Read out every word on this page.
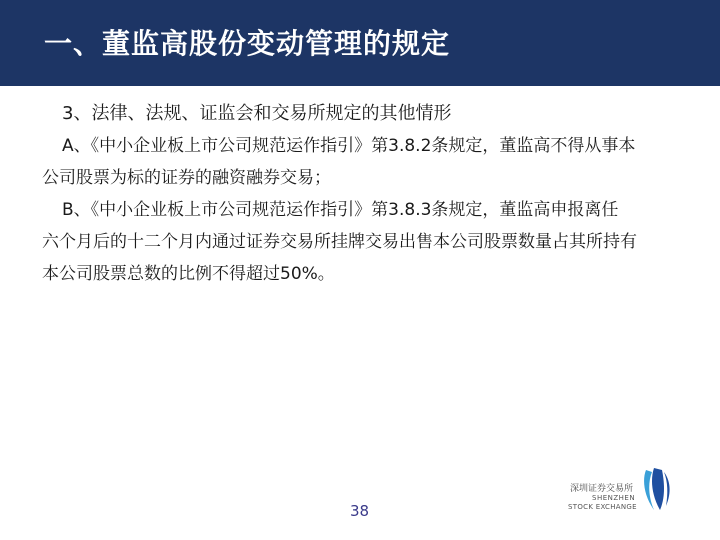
一、董监高股份变动管理的规定
3、法律、法规、证监会和交易所规定的其他情形
A、《中小企业板上市公司规范运作指引》第3.8.2条规定，董监高不得从事本
公司股票为标的证券的融资融券交易；
B、《中小企业板上市公司规范运作指引》第3.8.3条规定，董监高申报离任
六个月后的十二个月内通过证券交易所挂牌交易出售本公司股票数量占其所持有
本公司股票总数的比例不得超过50%。
38
深圳证券交易所
SHENZHEN
STOCK EXCHANGE
